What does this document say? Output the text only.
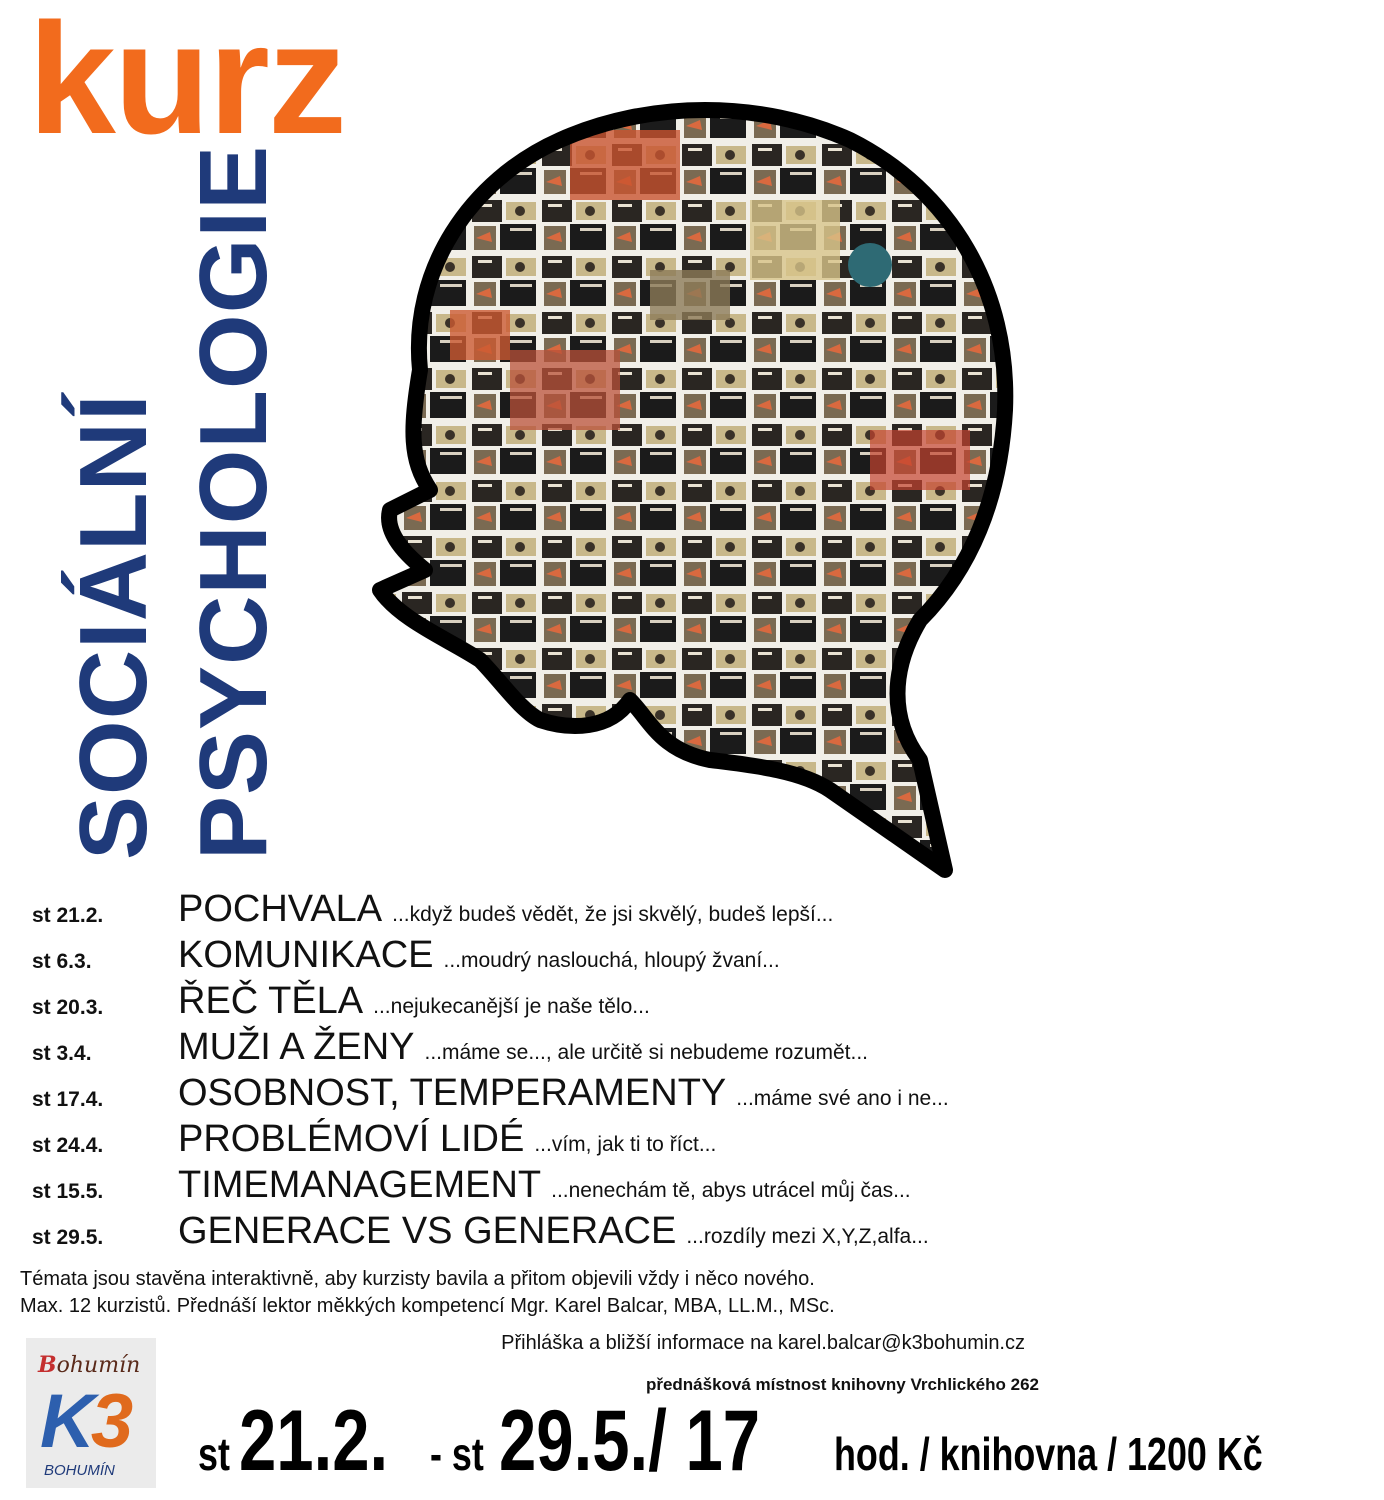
kurz
SOCIÁLNÍ PSYCHOLOGIE
st 21.2. POCHVALA ...když budeš vědět, že jsi skvělý, budeš lepší...
st 6.3. KOMUNIKACE ...moudrý naslouchá, hloupý žvaní...
st 20.3. ŘEČ TĚLA ...nejukecanější je naše tělo...
st 3.4. MUŽI A ŽENY ...máme se..., ale určitě si nebudeme rozumět...
st 17.4. OSOBNOST, TEMPERAMENTY ...máme své ano i ne...
st 24.4. PROBLÉMOVÍ LIDÉ ...vím, jak ti to říct...
st 15.5. TIMEMANAGEMENT ...nenechám tě, abys utrácel můj čas...
st 29.5. GENERACE VS GENERACE ...rozdíly mezi X,Y,Z,alfa...
Témata jsou stavěna interaktivně, aby kurzisty bavila a přitom objevili vždy i něco nového.
Max. 12 kurzistů. Přednáší lektor měkkých kompetencí Mgr. Karel Balcar, MBA, LL.M., MSc.
Přihláška a bližší informace na karel.balcar@k3bohumin.cz
přednášková místnost knihovny Vrchlického 262
Bohumín
K3
BOHUMÍN st21.2.- st29.5./ 17hod. / knihovna / 1200 Kč
